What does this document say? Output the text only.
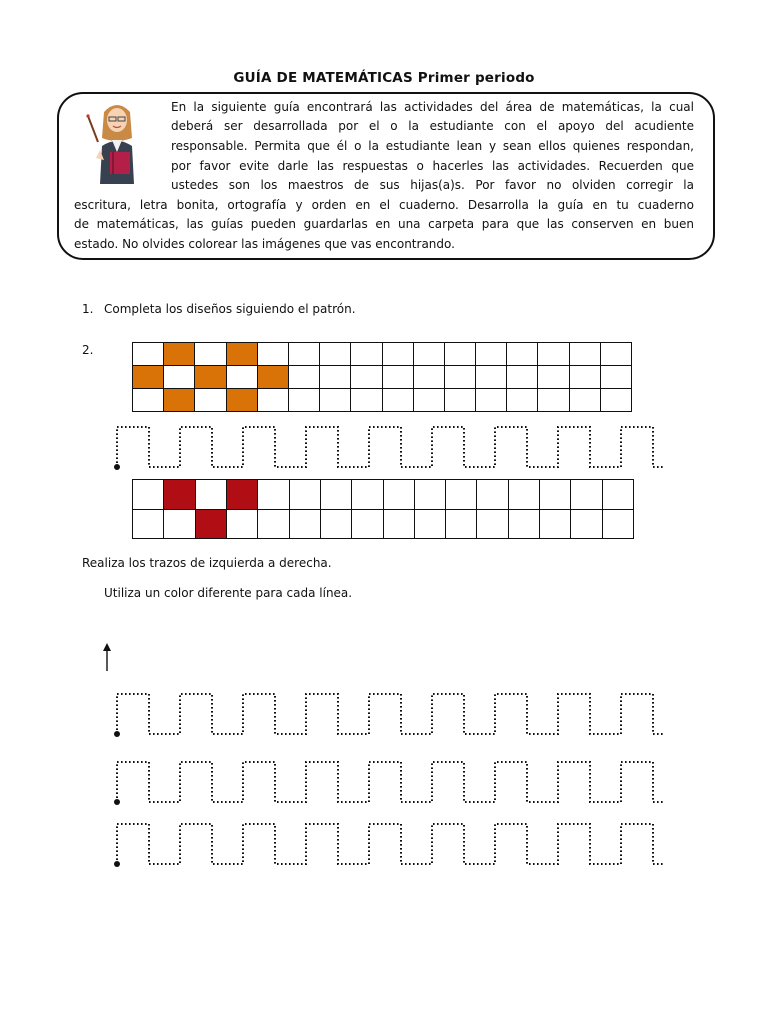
GUÍA DE MATEMÁTICAS Primer periodo
En la siguiente guía encontrará las actividades del área de matemáticas, la cual
deberá ser desarrollada por el o la estudiante con el apoyo del acudiente
responsable. Permita que él o la estudiante lean y sean ellos quienes respondan,
por favor evite darle las respuestas o hacerles las actividades. Recuerden que
ustedes son los maestros de sus hijas(a)s. Por favor no olviden corregir la
escritura, letra bonita, ortografía y orden en el cuaderno. Desarrolla la guía en tu cuaderno
de matemáticas, las guías pueden guardarlas en una carpeta para que las conserven en buen
estado. No olvides colorear las imágenes que vas encontrando.
1. Completa los diseños siguiendo el patrón.
2.

Realiza los trazos de izquierda a derecha.
Utiliza un color diferente para cada línea.
